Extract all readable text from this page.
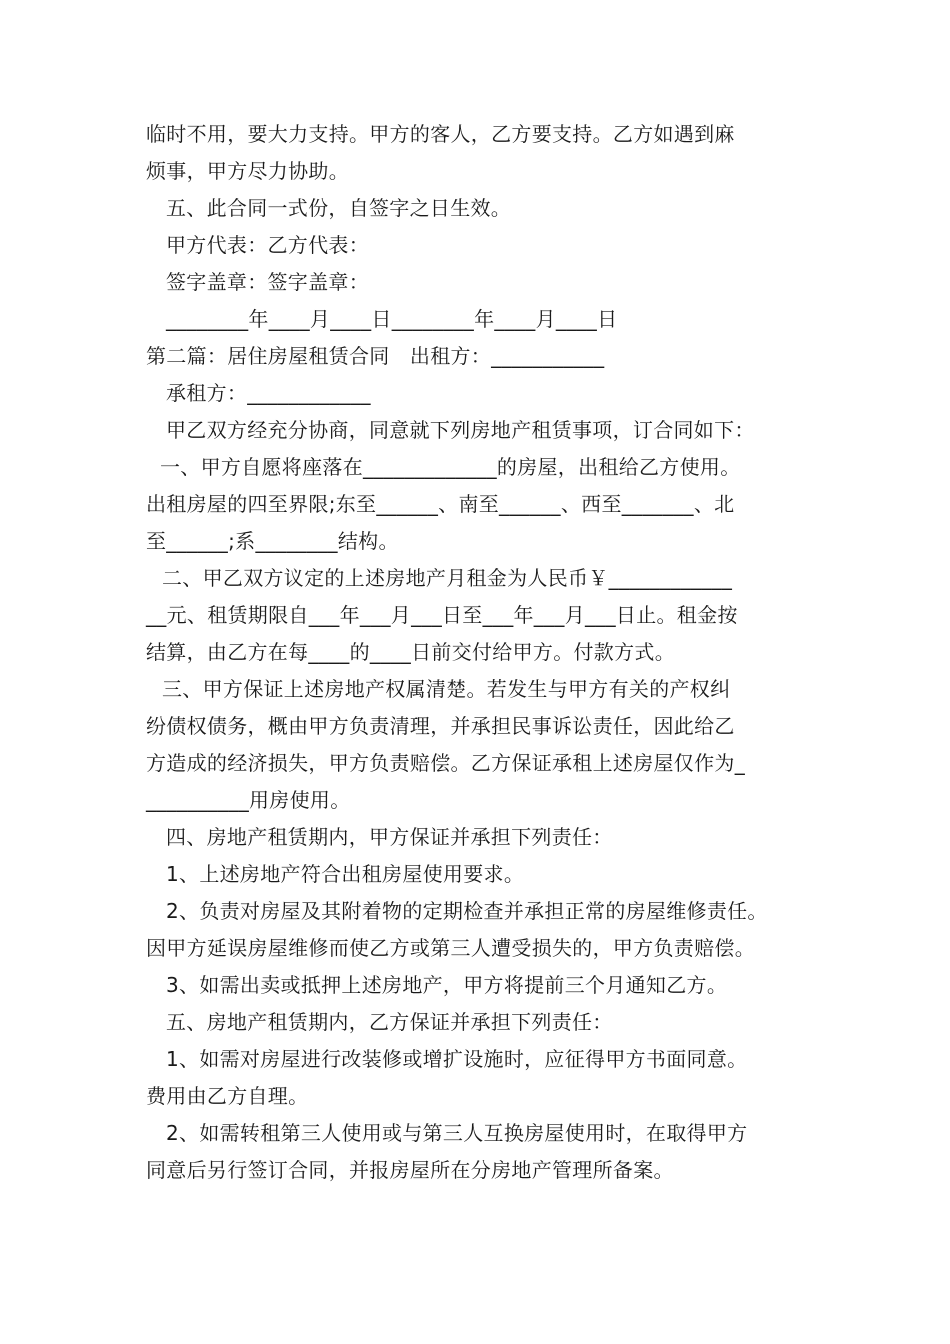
临时不用，要大力支持。甲方的客人，乙方要支持。乙方如遇到麻
烦事，甲方尽力协助。
五、此合同一式份，自签字之日生效。
甲方代表：乙方代表：
签字盖章：签字盖章：
________年____月____日________年____月____日
第二篇：居住房屋租赁合同　出租方：___________
承租方：____________
甲乙双方经充分协商，同意就下列房地产租赁事项，订合同如下：
一、甲方自愿将座落在_____________的房屋，出租给乙方使用。
出租房屋的四至界限;东至______、南至______、西至_______、北
至______;系________结构。
二、甲乙双方议定的上述房地产月租金为人民币￥____________
__元、租赁期限自___年___月___日至___年___月___日止。租金按
结算，由乙方在每____的____日前交付给甲方。付款方式。
三、甲方保证上述房地产权属清楚。若发生与甲方有关的产权纠
纷债权债务，概由甲方负责清理，并承担民事诉讼责任，因此给乙
方造成的经济损失，甲方负责赔偿。乙方保证承租上述房屋仅作为_
__________用房使用。
四、房地产租赁期内，甲方保证并承担下列责任：
1、上述房地产符合出租房屋使用要求。
2、负责对房屋及其附着物的定期检查并承担正常的房屋维修责任。
因甲方延误房屋维修而使乙方或第三人遭受损失的，甲方负责赔偿。
3、如需出卖或抵押上述房地产，甲方将提前三个月通知乙方。
五、房地产租赁期内，乙方保证并承担下列责任：
1、如需对房屋进行改装修或增扩设施时，应征得甲方书面同意。
费用由乙方自理。
2、如需转租第三人使用或与第三人互换房屋使用时，在取得甲方
同意后另行签订合同，并报房屋所在分房地产管理所备案。
